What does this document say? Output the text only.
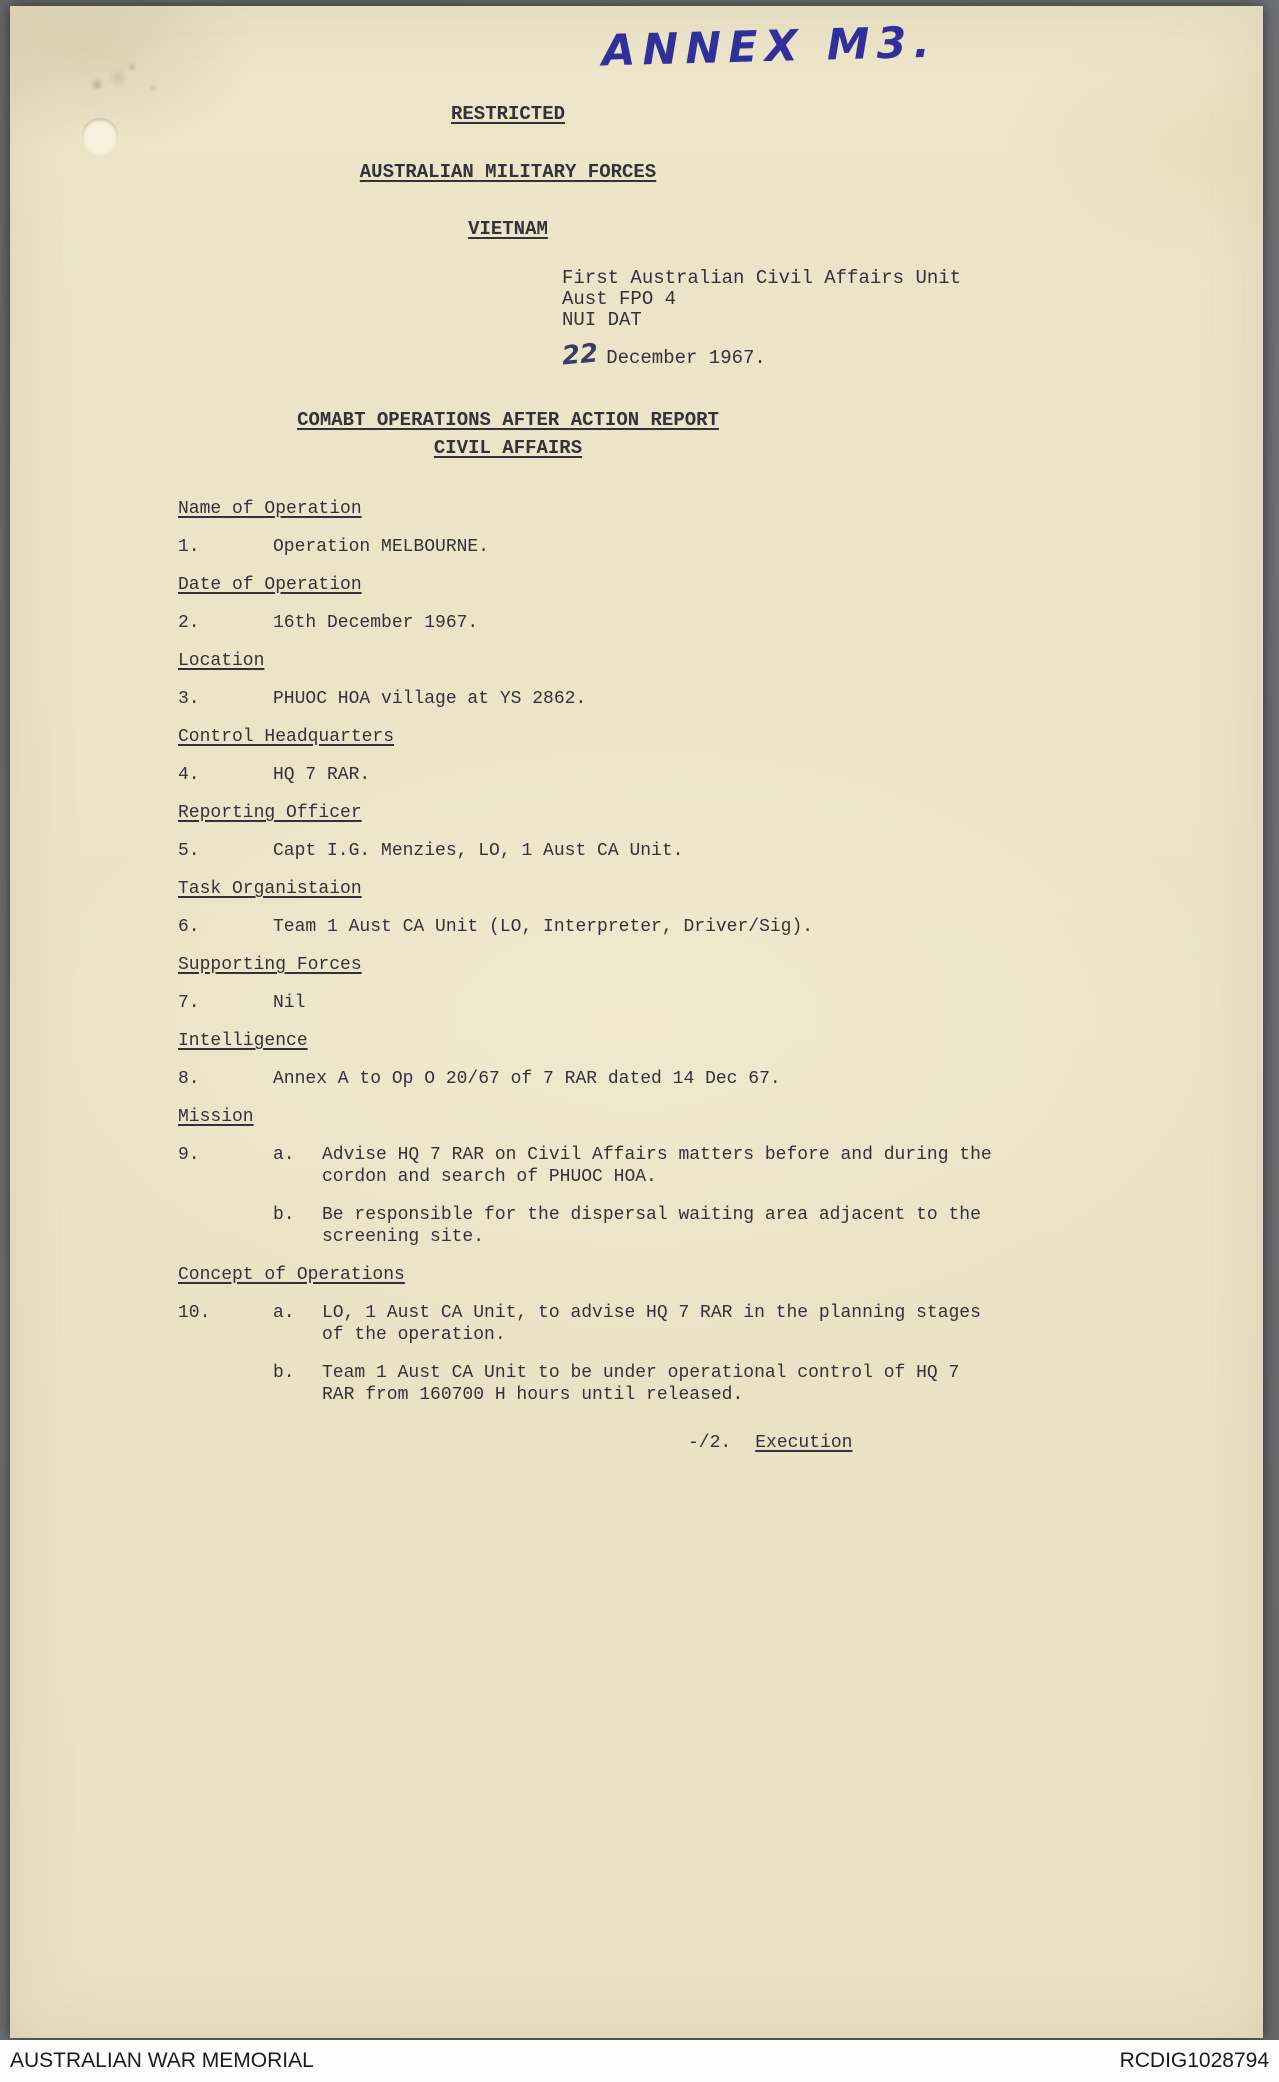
ANNEX M3.
RESTRICTED
AUSTRALIAN MILITARY FORCES
VIETNAM
First Australian Civil Affairs Unit
Aust FPO 4
NUI DAT
22 December 1967.
COMABT OPERATIONS AFTER ACTION REPORT
CIVIL AFFAIRS
Name of Operation
1.	Operation MELBOURNE.
Date of Operation
2.	16th December 1967.
Location
3.	PHUOC HOA village at YS 2862.
Control Headquarters
4.	HQ 7 RAR.
Reporting Officer
5.	Capt I.G. Menzies, LO, 1 Aust CA Unit.
Task Organistaion
6.	Team 1 Aust CA Unit (LO, Interpreter, Driver/Sig).
Supporting Forces
7.	Nil
Intelligence
8.	Annex A to Op O 20/67 of 7 RAR dated 14 Dec 67.
Mission
9.	a.	Advise HQ 7 RAR on Civil Affairs matters before and during the
cordon and search of PHUOC HOA.
b.	Be responsible for the dispersal waiting area adjacent to the
screening site.
Concept of Operations
10.	a.	LO, 1 Aust CA Unit, to advise HQ 7 RAR in the planning stages
of the operation.
b.	Team 1 Aust CA Unit to be under operational control of HQ 7
RAR from 160700 H hours until released.
-/2. Execution
AUSTRALIAN WAR MEMORIAL	RCDIG1028794
